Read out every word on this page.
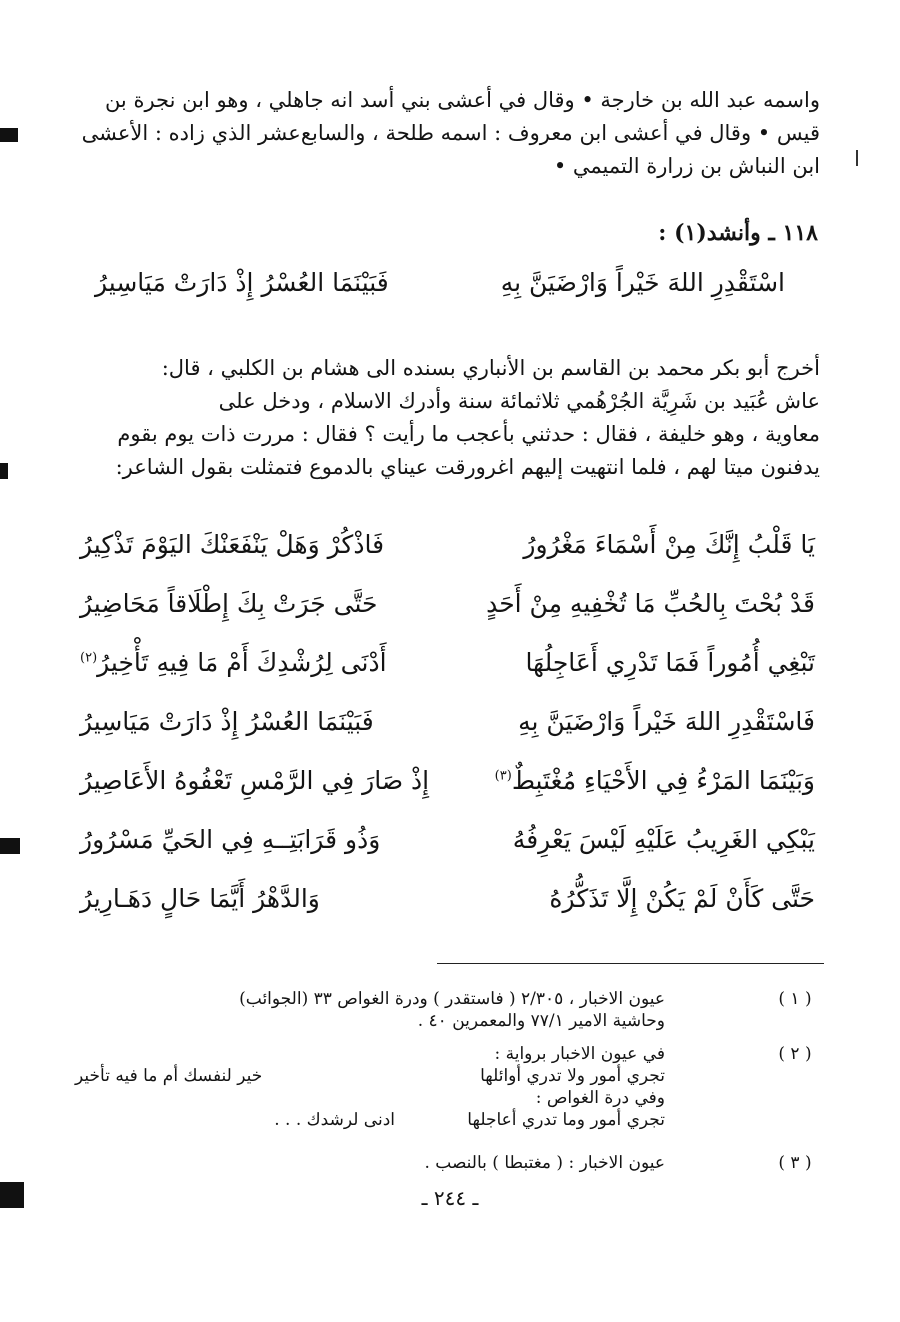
واسمه عبد الله بن خارجة • وقال في أعشى بني أسد انه جاهلي ، وهو ابن نجرة بن

قيس • وقال في أعشى ابن معروف : اسمه طلحة ، والسابع‌عشر الذي زاده : الأعشى

ابن النباش بن زرارة التميمي •

١١٨ ـ وأنشد(١) :
اسْتَقْدِرِ اللهَ خَيْراً وَارْضَيَنَّ بِهِ
فَبَيْنَمَا العُسْرُ إِذْ دَارَتْ مَيَاسِيرُ

أخرج أبو بكر محمد بن القاسم بن الأنباري بسنده الى هشام بن الكلبي ، قال:

عاش عُبَيد بن شَرِيَّة الجُرْهُمي ثلاثمائة سنة وأدرك الاسلام ، ودخل على

معاوية ، وهو خليفة ، فقال : حدثني بأعجب ما رأيت ؟ فقال : مررت ذات يوم بقوم

يدفنون ميتا لهم ، فلما انتهيت إليهم اغرورقت عيناي بالدموع فتمثلت بقول الشاعر:

يَا قَلْبُ إِنَّكَ مِنْ أَسْمَاءَ مَغْرُورُ
فَاذْكُرْ وَهَلْ يَنْفَعَنْكَ اليَوْمَ تَذْكِيرُ
قَدْ بُحْتَ بِالحُبِّ مَا تُخْفِيهِ مِنْ أَحَدٍ
حَتَّى جَرَتْ بِكَ إِطْلَاقاً مَحَاضِيرُ
تَبْغِي أُمُوراً فَمَا تَدْرِي أَعَاجِلُهَا
أَدْنَى لِرُشْدِكَ أَمْ مَا فِيهِ تَأْخِيرُ$^{(٢)}$
فَاسْتَقْدِرِ اللهَ خَيْراً وَارْضَيَنَّ بِهِ
فَبَيْنَمَا العُسْرُ إِذْ دَارَتْ مَيَاسِيرُ
وَبَيْنَمَا المَرْءُ فِي الأَحْيَاءِ مُغْتَبِطٌ$^{(٣)}$
إِذْ صَارَ فِي الرَّمْسِ تَعْفُوهُ الأَعَاصِيرُ
يَبْكِي الغَرِيبُ عَلَيْهِ لَيْسَ يَعْرِفُهُ
وَذُو قَرَابَتِــهِ فِي الحَيِّ مَسْرُورُ
حَتَّى كَأَنْ لَمْ يَكُنْ إِلَّا تَذَكُّرُهُ
وَالدَّهْرُ أَيَّمَا حَالٍ دَهَـارِيرُ
( ١ )
عيون الاخبار ، ٢/٣٠٥ ( فاستقدر ) ودرة الغواص ٣٣ (الجوائب)
وحاشية الامير ٧٧/١ والمعمرين ٤٠ .
( ٢ )
في عيون الاخبار برواية :
تجري أمور ولا تدري أوائلها
خير لنفسك أم ما فيه تأخير
وفي درة الغواص :
تجري أمور وما تدري أعاجلها
ادنى لرشدك . . .
( ٣ )
عيون الاخبار : ( مغتبطا ) بالنصب .
ـ ٢٤٤ ـ
